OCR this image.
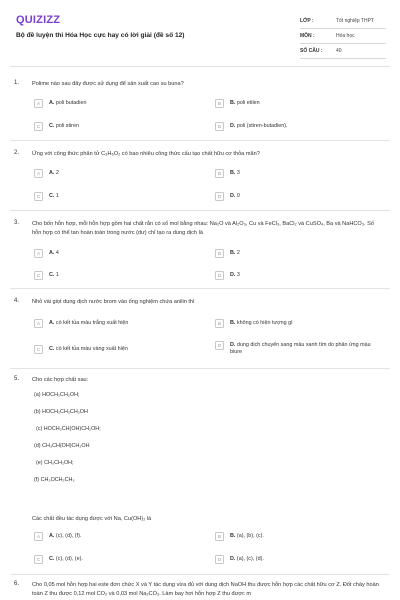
QUIZIZZ
Bộ đề luyện thi Hóa Học cực hay có lời giải (đề số 12)
LỚP :	Tốt nghiệp THPT
MÔN :	Hóa học
SỐ CÂU :	40
1. Polime nào sau đây được sử dụng để sản xuất cao su buna?
A	A. poli butadien	B	B. poli etilen
C	C. poli stiren	D	D. poli (stiren-butadien).
2. Ứng với công thức phân tử C₃H₆O₂ có bao nhiêu công thức cấu tạo chất hữu cơ thỏa mãn?
A	A. 2	B	B. 3
C	C. 1	D	D. 0
3. Cho bốn hỗn hợp, mỗi hỗn hợp gồm hai chất rắn có số mol bằng nhau: Na₂O và Al₂O₃, Cu và FeCl₃, BaCl₂ và CuSO₄, Ba và NaHCO₃. Số hỗn hợp có thể tan hoàn toàn trong nước (dư) chỉ tạo ra dung dịch là
A	A. 4	B	B. 2
C	C. 1	D	D. 3
4. Nhỏ vài giọt dung dịch nước brom vào ống nghiệm chứa anilin thì
A	A. có kết tủa màu trắng xuất hiện	B	B. không có hiện tượng gì
C	C. có kết tủa màu vàng xuất hiện
D	D. dung dịch chuyển sang màu xanh tím do phản ứng màu biure
5. Cho các hợp chất sau:
(a) HOCH₂CH₂OH;
(b) HOCH₂CH₂CH₂OH
(c) HOCH₂CH(OH)CH₂OH;
(d) CH₃CH(OH)CH₂OH
(e) CH₃CH₂OH;
(f) CH₃OCH₂CH₃
Các chất đều tác dụng được với Na, Cu(OH)₂ là
A	A. (c), (d), (f).	B	B. (a), (b), (c).
C	C. (c), (d), (e).	D	D. (a), (c), (d).
6. Cho 0,05 mol hỗn hợp hai este đơn chức X và Y tác dụng vừa đủ với dung dịch NaOH thu được hỗn hợp các chất hữu cơ Z. Đốt cháy hoàn toàn Z thu được 0,12 mol CO₂ và 0,03 mol Na₂CO₃. Làm bay hơi hỗn hợp Z thu được m
